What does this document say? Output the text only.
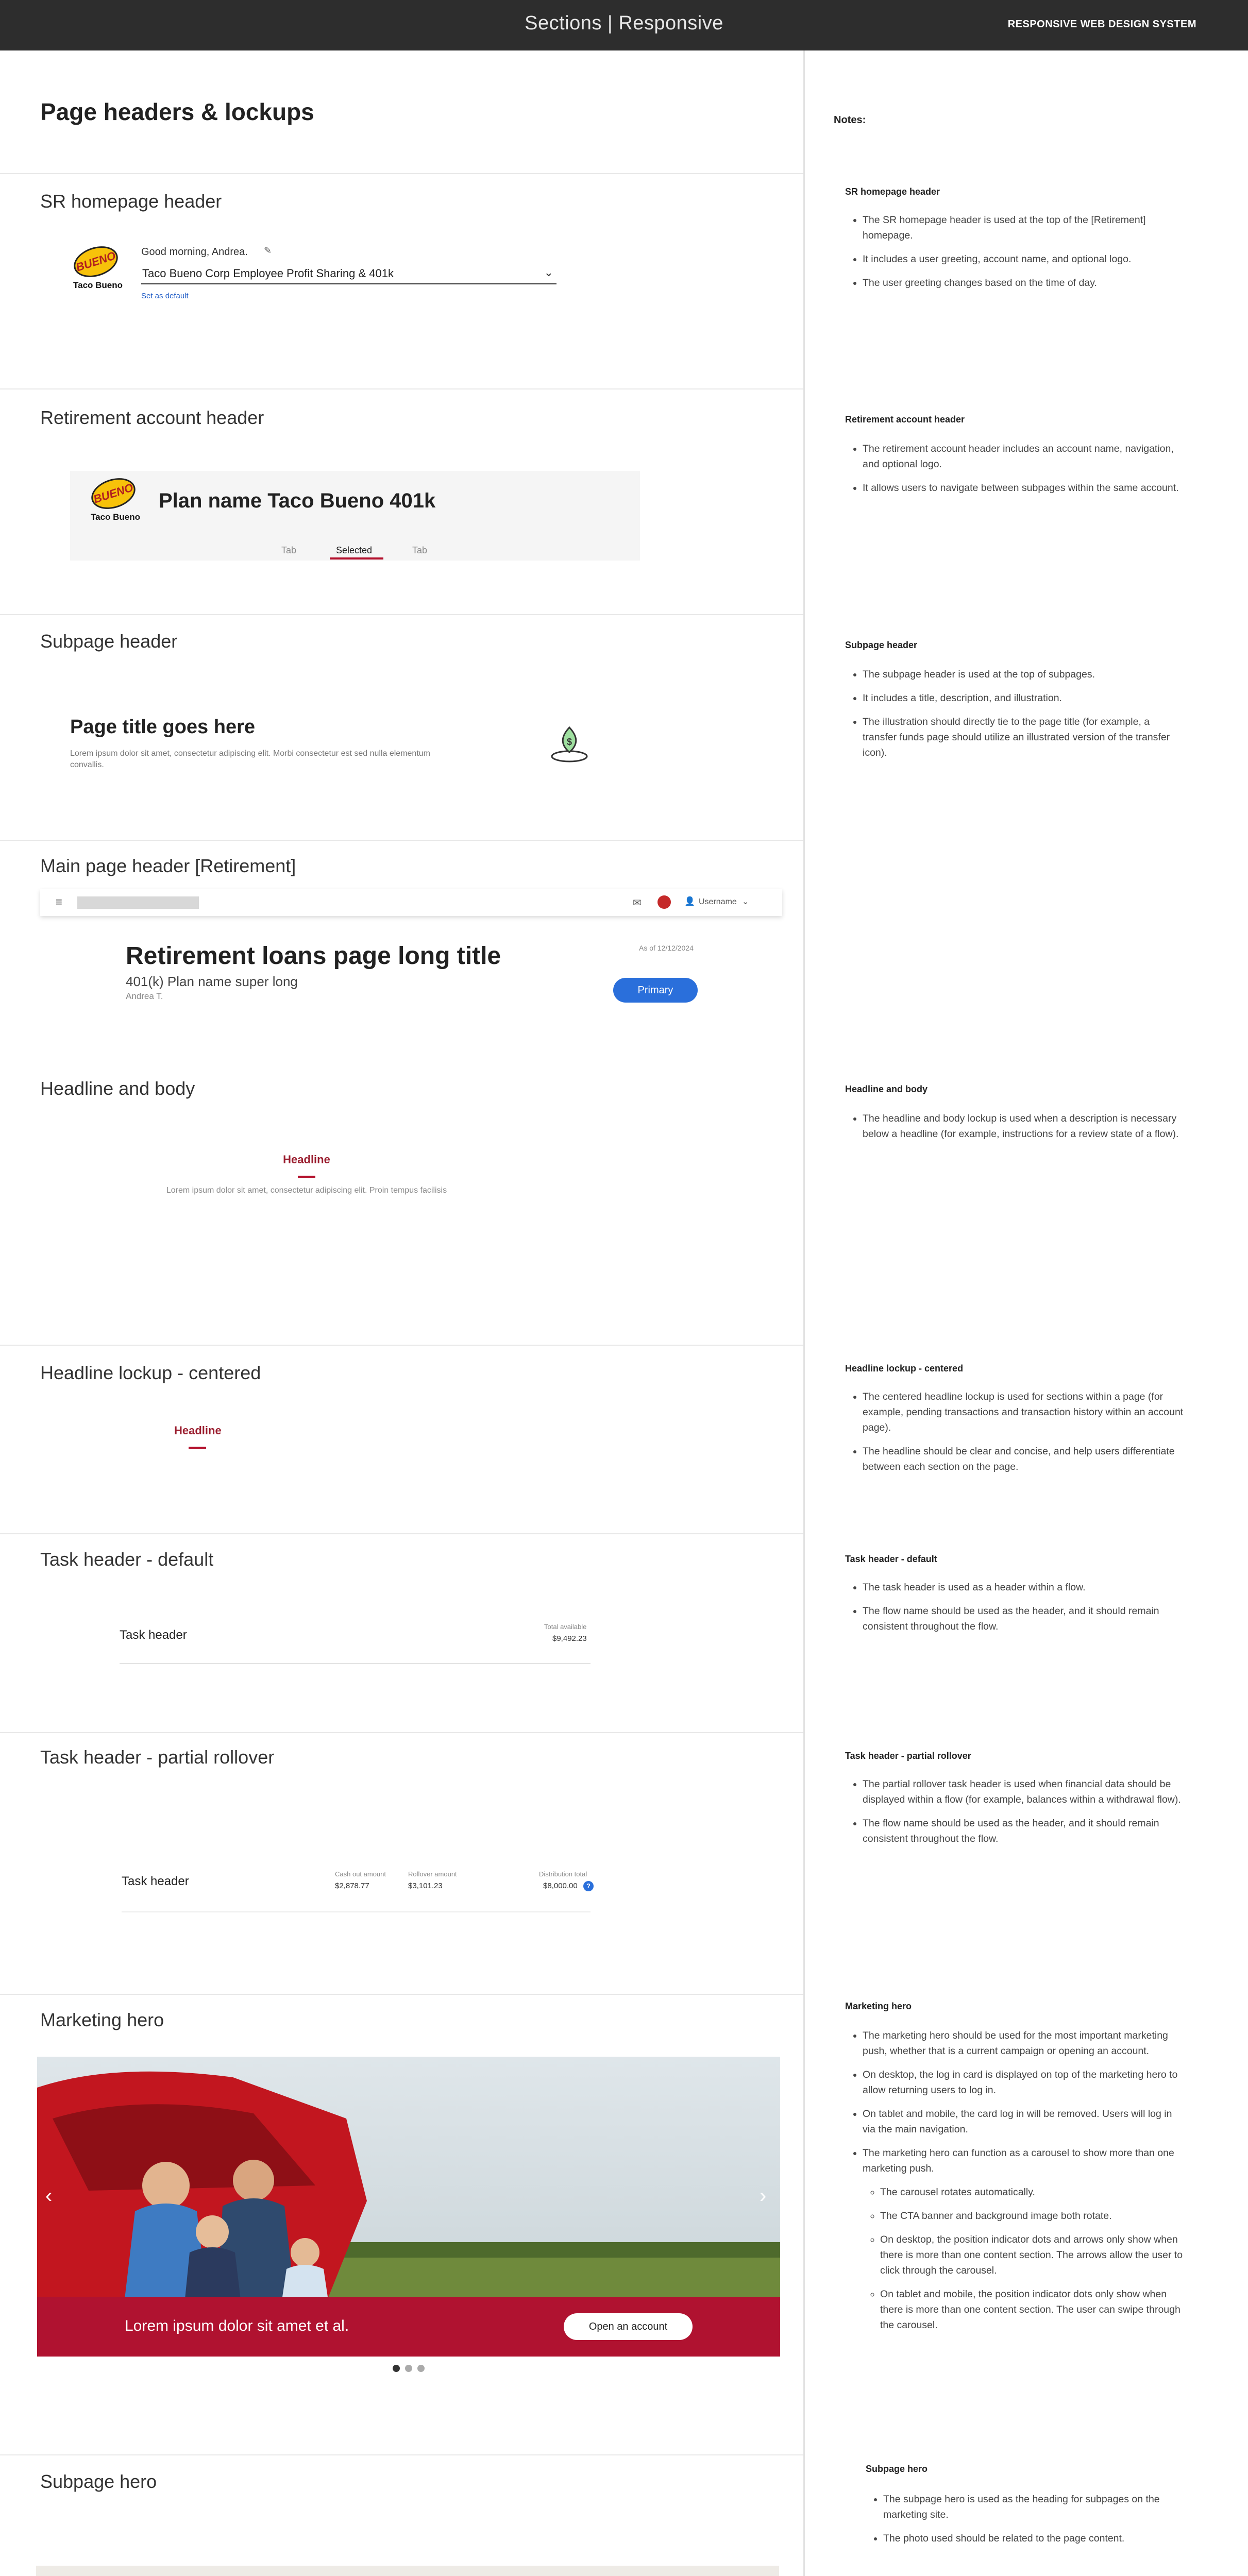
Sections | Responsive	RESPONSIVE WEB DESIGN SYSTEM
Page headers & lockups	Notes:
SR homepage header
BUENO
Taco Bueno
Good morning, Andrea. ✎
Taco Bueno Corp Employee Profit Sharing & 401k	⌄
Set as default
Retirement account header
BUENO
Taco Bueno
Plan name Taco Bueno 401k
Tab	Selected	Tab
Subpage header
Page title goes here
Lorem ipsum dolor sit amet, consectetur adipiscing elit. Morbi consectetur est sed nulla elementum convallis.
$
Main page header [Retirement]
≡	✉	👤 Username ⌄
Retirement loans page long title
401(k) Plan name super long
Andrea T.
As of 12/12/2024
Primary
Headline and body
Headline
Lorem ipsum dolor sit amet, consectetur adipiscing elit. Proin tempus facilisis
Headline lockup - centered
Headline
Task header - default
Task header
Total available
$9,492.23
Task header - partial rollover
Task header
Cash out amount
$2,878.77
Rollover amount
$3,101.23
Distribution total
$8,000.00	?
Marketing hero
Lorem ipsum dolor sit amet et al.	Open an account
‹	›
Subpage hero
SR homepage header
• The SR homepage header is used at the top of the [Retirement] homepage.
• It includes a user greeting, account name, and optional logo.
• The user greeting changes based on the time of day.
Retirement account header
• The retirement account header includes an account name, navigation, and optional logo.
• It allows users to navigate between subpages within the same account.
Subpage header
• The subpage header is used at the top of subpages.
• It includes a title, description, and illustration.
• The illustration should directly tie to the page title (for example, a transfer funds page should utilize an illustrated version of the transfer icon).
Headline and body
• The headline and body lockup is used when a description is necessary below a headline (for example, instructions for a review state of a flow).
Headline lockup - centered
• The centered headline lockup is used for sections within a page (for example, pending transactions and transaction history within an account page).
• The headline should be clear and concise, and help users differentiate between each section on the page.
Task header - default
• The task header is used as a header within a flow.
• The flow name should be used as the header, and it should remain consistent throughout the flow.
Task header - partial rollover
• The partial rollover task header is used when financial data should be displayed within a flow (for example, balances within a withdrawal flow).
• The flow name should be used as the header, and it should remain consistent throughout the flow.
Marketing hero
• The marketing hero should be used for the most important marketing push, whether that is a current campaign or opening an account.
• On desktop, the log in card is displayed on top of the marketing hero to allow returning users to log in.
• On tablet and mobile, the card log in will be removed. Users will log in via the main navigation.
• The marketing hero can function as a carousel to show more than one marketing push.
◦ The carousel rotates automatically.
◦ The CTA banner and background image both rotate.
◦ On desktop, the position indicator dots and arrows only show when there is more than one content section. The arrows allow the user to click through the carousel.
◦ On tablet and mobile, the position indicator dots only show when there is more than one content section. The user can swipe through the carousel.
Subpage hero
• The subpage hero is used as the heading for subpages on the marketing site.
• The photo used should be related to the page content.
